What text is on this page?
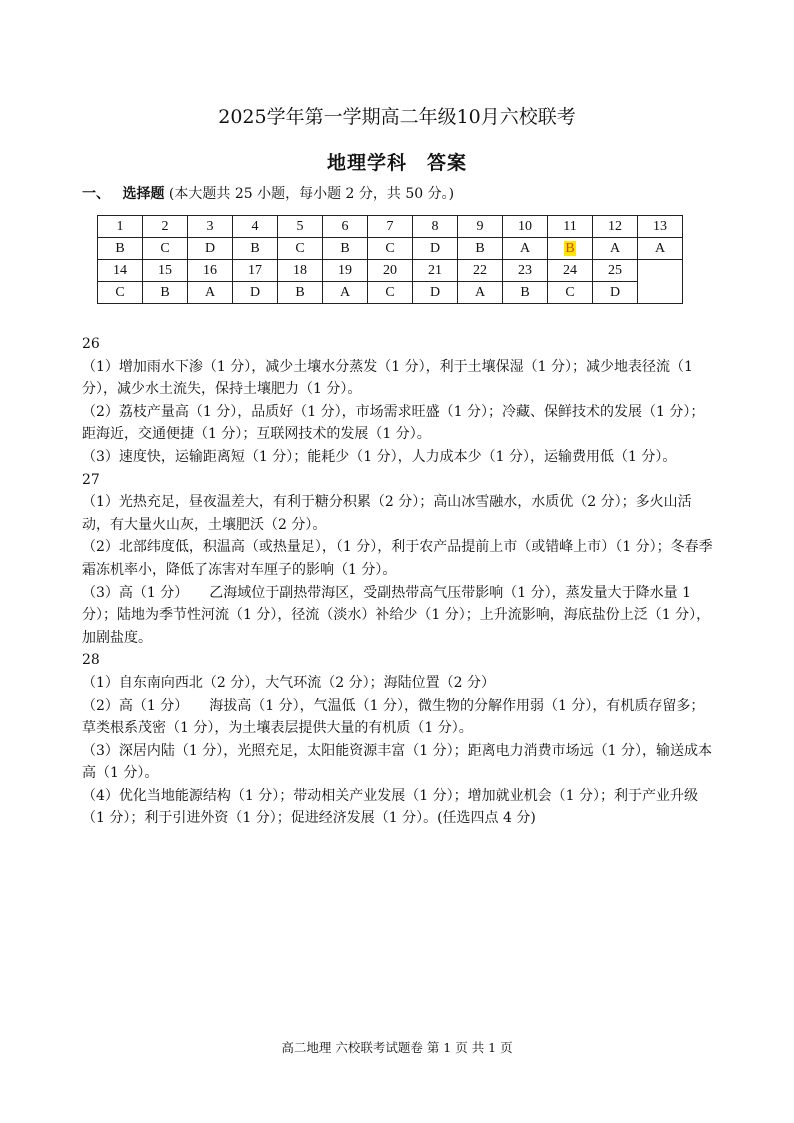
2025学年第一学期高二年级10月六校联考
地理学科　答案
一、 选择题 (本大题共 25 小题，每小题 2 分，共 50 分。)
1	2	3	4	5	6	7	8	9	10	11	12	13
B	C	D	B	C	B	C	D	B	A	B	A	A
14	15	16	17	18	19	20	21	22	23	24	25	
C	B	A	D	B	A	C	D	A	B	C	D	

26

（1）增加雨水下渗（1 分），减少土壤水分蒸发（1 分），利于土壤保湿（1 分）；减少地表径流（1 分），减少水土流失，保持土壤肥力（1 分）。

（2）荔枝产量高（1 分），品质好（1 分），市场需求旺盛（1 分）；冷藏、保鲜技术的发展（1 分）；距海近，交通便捷（1 分）；互联网技术的发展（1 分）。

（3）速度快，运输距离短（1 分）；能耗少（1 分），人力成本少（1 分），运输费用低（1 分）。

27

（1）光热充足，昼夜温差大，有利于糖分积累（2 分）；高山冰雪融水，水质优（2 分）；多火山活动，有大量火山灰，土壤肥沃（2 分）。

（2）北部纬度低，积温高（或热量足），（1 分），利于农产品提前上市（或错峰上市）（1 分）；冬春季霜冻机率小，降低了冻害对车厘子的影响（1 分）。

（3）高（1 分）　　乙海域位于副热带海区，受副热带高气压带影响（1 分），蒸发量大于降水量 1 分）；陆地为季节性河流（1 分），径流（淡水）补给少（1 分）；上升流影响，海底盐份上泛（1 分），加剧盐度。

28

（1）自东南向西北（2 分），大气环流（2 分）；海陆位置（2 分）

（2）高（1 分）　　海拔高（1 分），气温低（1 分），微生物的分解作用弱（1 分），有机质存留多；草类根系茂密（1 分），为土壤表层提供大量的有机质（1 分）。

（3）深居内陆（1 分），光照充足，太阳能资源丰富（1 分）；距离电力消费市场远（1 分），输送成本高（1 分）。

（4）优化当地能源结构（1 分）；带动相关产业发展（1 分）；增加就业机会（1 分）；利于产业升级（1 分）；利于引进外资（1 分）；促进经济发展（1 分）。(任选四点 4 分)

高二地理 六校联考试题卷 第 1 页 共 1 页
